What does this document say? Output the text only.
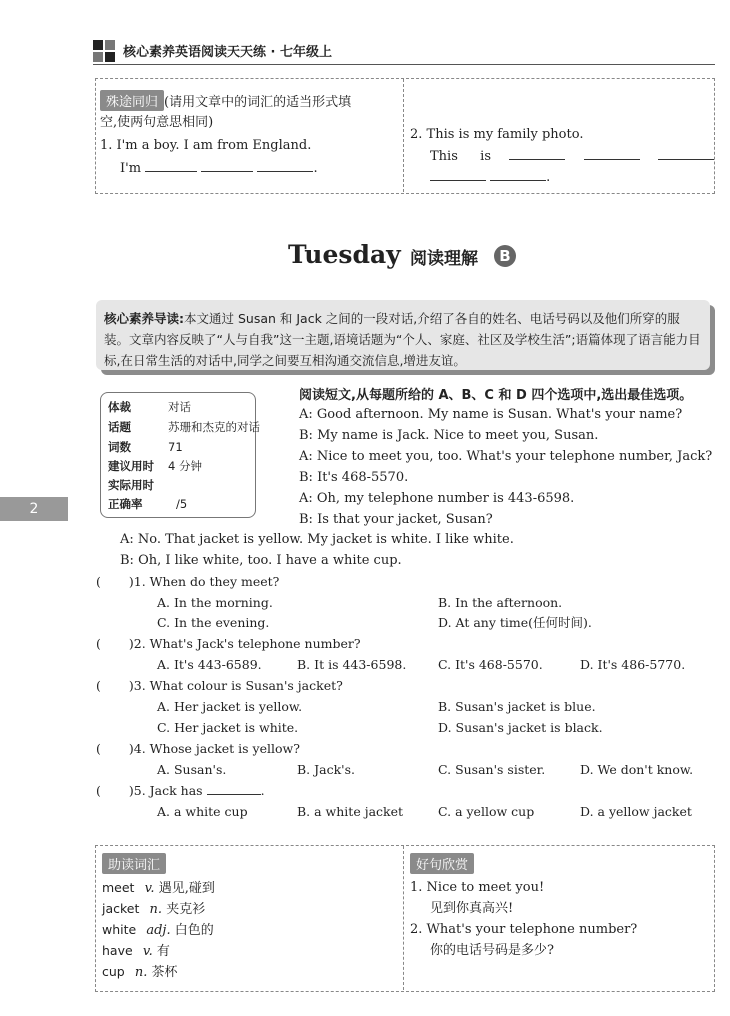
核心素养英语阅读天天练 · 七年级上
殊途同归 (请用文章中的词汇的适当形式填
空,使两句意思相同)
1. I'm a boy. I am from England.
I'm	.
2. This is my family photo.
This is
.
Tuesday 阅读理解	B
核心素养导读:本文通过 Susan 和 Jack 之间的一段对话,介绍了各自的姓名、电话号码以及他们所穿的服装。文章内容反映了“人与自我”这一主题,语境话题为“个人、家庭、社区及学校生活”;语篇体现了语言能力目标,在日常生活的对话中,同学之间要互相沟通交流信息,增进友谊。
体裁	对话
话题	苏珊和杰克的对话
词数	71
建议用时 4 分钟
实际用时
正确率	/5
2
阅读短文,从每题所给的 A、B、C 和 D 四个选项中,选出最佳选项。
A: Good afternoon. My name is Susan. What's your name?
B: My name is Jack. Nice to meet you, Susan.
A: Nice to meet you, too. What's your telephone number, Jack?
B: It's 468-5570.
A: Oh, my telephone number is 443-6598.
B: Is that your jacket, Susan?
A: No. That jacket is yellow. My jacket is white. I like white.
B: Oh, I like white, too. I have a white cup.
( )1. When do they meet?
A. In the morning.	B. In the afternoon.
C. In the evening.	D. At any time(任何时间).
( )2. What's Jack's telephone number?
A. It's 443-6589.	B. It is 443-6598.	C. It's 468-5570.	D. It's 486-5770.
( )3. What colour is Susan's jacket?
A. Her jacket is yellow.	B. Susan's jacket is blue.
C. Her jacket is white.	D. Susan's jacket is black.
( )4. Whose jacket is yellow?
A. Susan's.	B. Jack's.	C. Susan's sister.	D. We don't know.
( )5. Jack has	.
A. a white cup	B. a white jacket	C. a yellow cup	D. a yellow jacket
助读词汇
meet v. 遇见,碰到
jacket n. 夹克衫
white adj. 白色的
have v. 有
cup n. 茶杯
好句欣赏
1. Nice to meet you!
见到你真高兴!
2. What's your telephone number?
你的电话号码是多少?
